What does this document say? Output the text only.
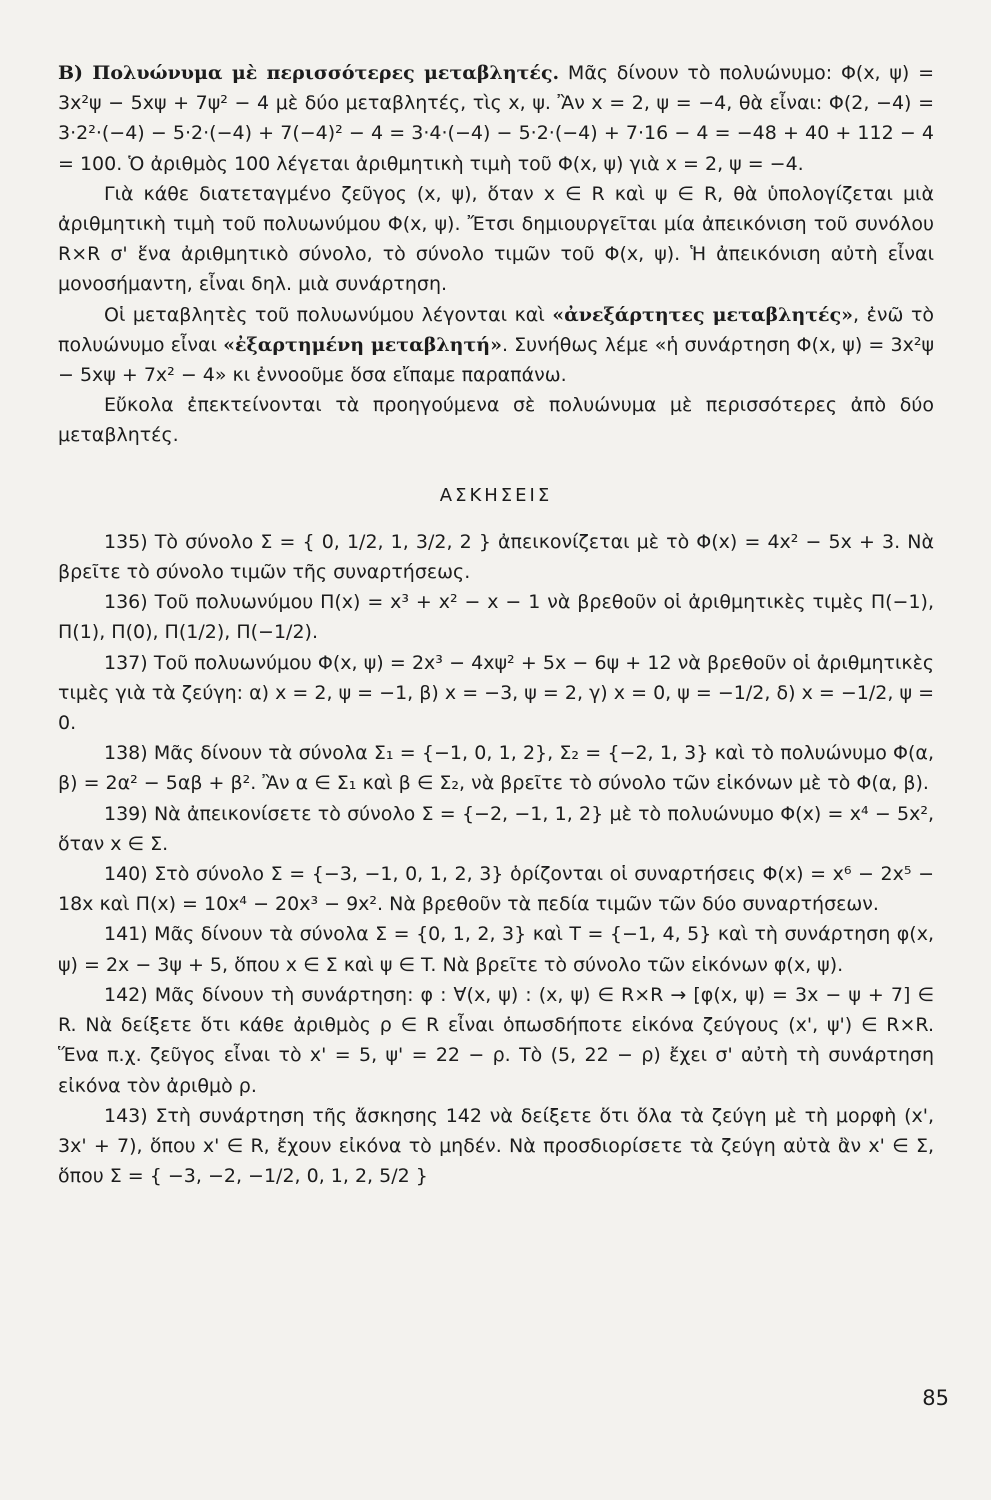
Β) Πολυώνυμα μὲ περισσότερες μεταβλητές. Μᾶς δίνουν τὸ πολυώνυμο: Φ(x, ψ) = 3x²ψ − 5xψ + 7ψ² − 4 μὲ δύο μεταβλητές, τὶς x, ψ. Ἂν x = 2, ψ = −4, θὰ εἶναι: Φ(2, −4) = 3·2²·(−4) − 5·2·(−4) + 7(−4)² − 4 = 3·4·(−4) − 5·2·(−4) + 7·16 − 4 = −48 + 40 + 112 − 4 = 100. Ὁ ἀριθμὸς 100 λέγεται ἀριθμητικὴ τιμὴ τοῦ Φ(x, ψ) γιὰ x = 2, ψ = −4.

Γιὰ κάθε διατεταγμένο ζεῦγος (x, ψ), ὅταν x ∈ R καὶ ψ ∈ R, θὰ ὑπολογίζεται μιὰ ἀριθμητικὴ τιμὴ τοῦ πολυωνύμου Φ(x, ψ). Ἔτσι δημιουργεῖται μία ἀπεικόνιση τοῦ συνόλου R×R σ' ἕνα ἀριθμητικὸ σύνολο, τὸ σύνολο τιμῶν τοῦ Φ(x, ψ). Ἡ ἀπεικόνιση αὐτὴ εἶναι μονοσήμαντη, εἶναι δηλ. μιὰ συνάρτηση.

Οἱ μεταβλητὲς τοῦ πολυωνύμου λέγονται καὶ «ἀνεξάρτητες μεταβλητές», ἐνῶ τὸ πολυώνυμο εἶναι «ἐξαρτημένη μεταβλητή». Συνήθως λέμε «ἡ συνάρτηση Φ(x, ψ) = 3x²ψ − 5xψ + 7x² − 4» κι ἐννοοῦμε ὅσα εἴπαμε παραπάνω.

Εὔκολα ἐπεκτείνονται τὰ προηγούμενα σὲ πολυώνυμα μὲ περισσότερες ἀπὸ δύο μεταβλητές.

ΑΣΚΗΣΕΙΣ

135) Τὸ σύνολο Σ = { 0, 1/2, 1, 3/2, 2 } ἀπεικονίζεται μὲ τὸ Φ(x) = 4x² − 5x + 3. Νὰ βρεῖτε τὸ σύνολο τιμῶν τῆς συναρτήσεως.

136) Τοῦ πολυωνύμου Π(x) = x³ + x² − x − 1 νὰ βρεθοῦν οἱ ἀριθμητικὲς τιμὲς Π(−1), Π(1), Π(0), Π(1/2), Π(−1/2).

137) Τοῦ πολυωνύμου Φ(x, ψ) = 2x³ − 4xψ² + 5x − 6ψ + 12 νὰ βρεθοῦν οἱ ἀριθμητικὲς τιμὲς γιὰ τὰ ζεύγη: α) x = 2, ψ = −1, β) x = −3, ψ = 2, γ) x = 0, ψ = −1/2, δ) x = −1/2, ψ = 0.

138) Μᾶς δίνουν τὰ σύνολα Σ₁ = {−1, 0, 1, 2}, Σ₂ = {−2, 1, 3} καὶ τὸ πολυώνυμο Φ(α, β) = 2α² − 5αβ + β². Ἂν α ∈ Σ₁ καὶ β ∈ Σ₂, νὰ βρεῖτε τὸ σύνολο τῶν εἰκόνων μὲ τὸ Φ(α, β).

139) Νὰ ἀπεικονίσετε τὸ σύνολο Σ = {−2, −1, 1, 2} μὲ τὸ πολυώνυμο Φ(x) = x⁴ − 5x², ὅταν x ∈ Σ.

140) Στὸ σύνολο Σ = {−3, −1, 0, 1, 2, 3} ὁρίζονται οἱ συναρτήσεις Φ(x) = x⁶ − 2x⁵ − 18x καὶ Π(x) = 10x⁴ − 20x³ − 9x². Νὰ βρεθοῦν τὰ πεδία τιμῶν τῶν δύο συναρτήσεων.

141) Μᾶς δίνουν τὰ σύνολα Σ = {0, 1, 2, 3} καὶ T = {−1, 4, 5} καὶ τὴ συνάρτηση φ(x, ψ) = 2x − 3ψ + 5, ὅπου x ∈ Σ καὶ ψ ∈ T. Νὰ βρεῖτε τὸ σύνολο τῶν εἰκόνων φ(x, ψ).

142) Μᾶς δίνουν τὴ συνάρτηση: φ : ∀(x, ψ) : (x, ψ) ∈ R×R → [φ(x, ψ) = 3x − ψ + 7] ∈ R. Νὰ δείξετε ὅτι κάθε ἀριθμὸς ρ ∈ R εἶναι ὁπωσδήποτε εἰκόνα ζεύγους (x', ψ') ∈ R×R. Ἕνα π.χ. ζεῦγος εἶναι τὸ x' = 5, ψ' = 22 − ρ. Τὸ (5, 22 − ρ) ἔχει σ' αὐτὴ τὴ συνάρτηση εἰκόνα τὸν ἀριθμὸ ρ.

143) Στὴ συνάρτηση τῆς ἄσκησης 142 νὰ δείξετε ὅτι ὅλα τὰ ζεύγη μὲ τὴ μορφὴ (x', 3x' + 7), ὅπου x' ∈ R, ἔχουν εἰκόνα τὸ μηδέν. Νὰ προσδιορίσετε τὰ ζεύγη αὐτὰ ἂν x' ∈ Σ, ὅπου Σ = { −3, −2, −1/2, 0, 1, 2, 5/2 }

85
